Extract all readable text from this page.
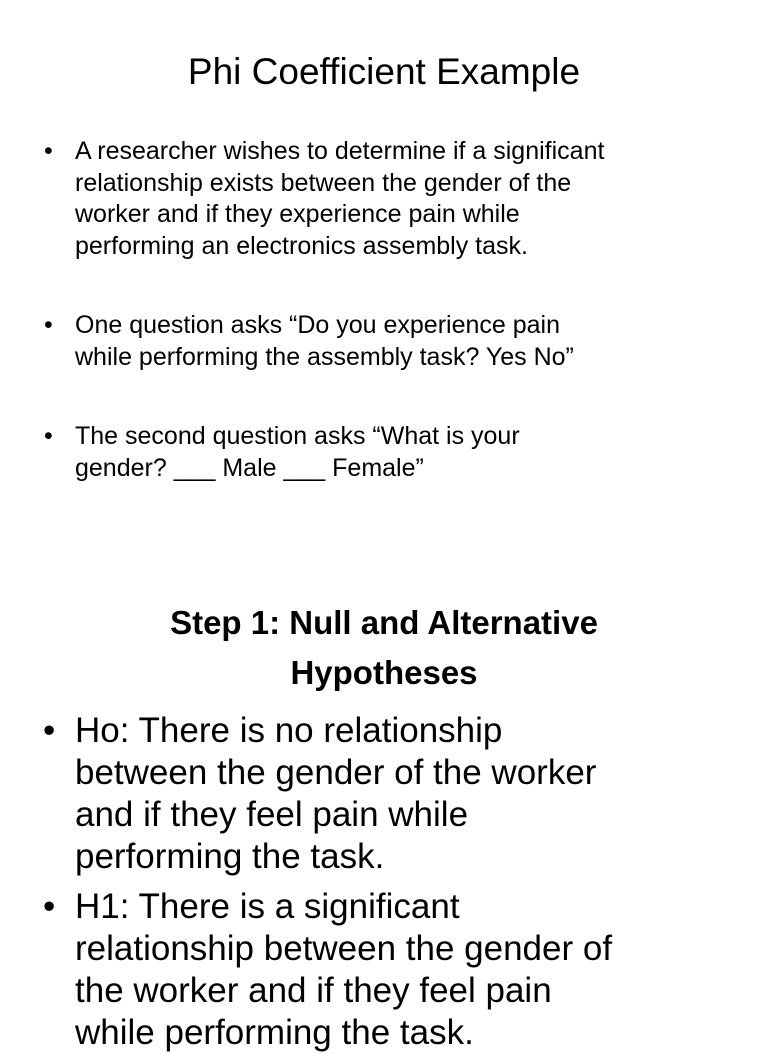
Phi Coefficient Example
• A researcher wishes to determine if a significant
relationship exists between the gender of the
worker and if they experience pain while
performing an electronics assembly task.
• One question asks “Do you experience pain
while performing the assembly task? Yes No”
• The second question asks “What is your
gender? ___ Male ___ Female”
Step 1: Null and Alternative
Hypotheses
• Ho: There is no relationship
between the gender of the worker
and if they feel pain while
performing the task.
• H1: There is a significant
relationship between the gender of
the worker and if they feel pain
while performing the task.
